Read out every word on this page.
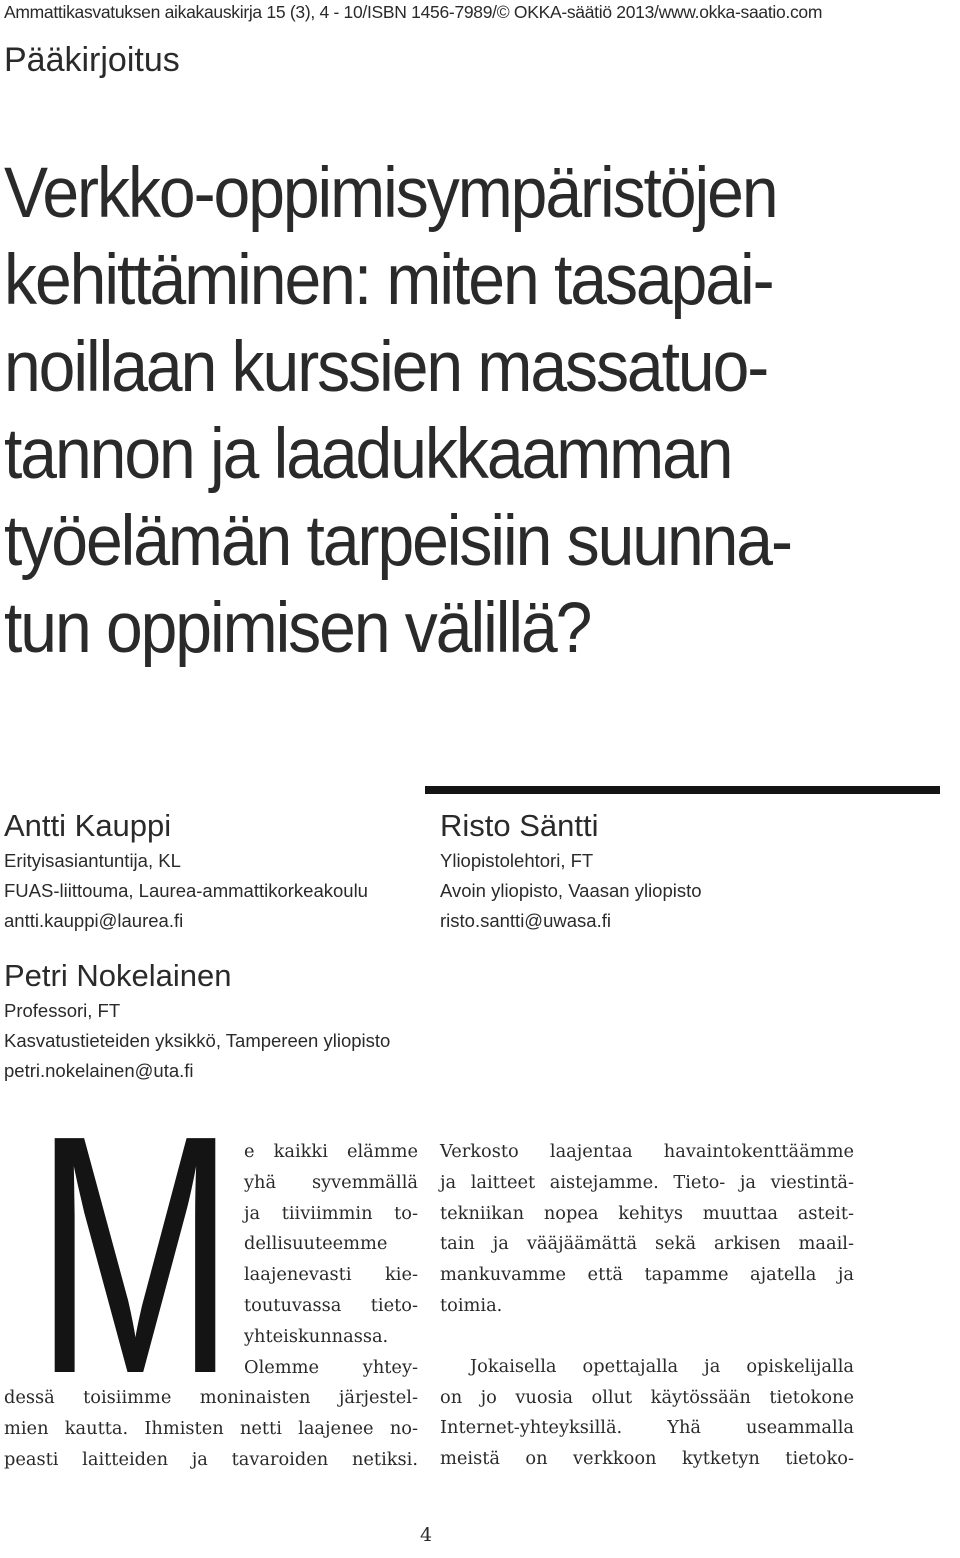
Ammattikasvatuksen aikakauskirja 15 (3), 4 - 10/ISBN 1456-7989/© OKKA-säätiö 2013/www.okka-saatio.com
Pääkirjoitus
Verkko-oppimisympäristöjen
kehittäminen: miten tasapai-
noillaan kurssien massatuo-
tannon ja laadukkaamman
työelämän tarpeisiin suunna-
tun oppimisen välillä?
Antti Kauppi
Erityisasiantuntija, KL
FUAS-liittouma, Laurea-ammattikorkeakoulu
antti.kauppi@laurea.fi
Risto Säntti
Yliopistolehtori, FT
Avoin yliopisto, Vaasan yliopisto
risto.santti@uwasa.fi
Petri Nokelainen
Professori, FT
Kasvatustieteiden yksikkö, Tampereen yliopisto
petri.nokelainen@uta.fi
M e kaikki elämme
yhä syvemmällä
ja tiiviimmin to-
dellisuuteemme
laajenevasti kie-
toutuvassa tieto-
yhteiskunnassa.
Olemme yhtey-
dessä toisiimme moninaisten järjestel-
mien kautta. Ihmisten netti laajenee no-
peasti laitteiden ja tavaroiden netiksi.
Verkosto laajentaa havaintokenttäämme
ja laitteet aistejamme. Tieto- ja viestintä-
tekniikan nopea kehitys muuttaa asteit-
tain ja vääjäämättä sekä arkisen maail-
mankuvamme että tapamme ajatella ja
toimia.
Jokaisella opettajalla ja opiskelijalla
on jo vuosia ollut käytössään tietokone
Internet-yhteyksillä. Yhä useammalla
meistä on verkkoon kytketyn tietoko-
4
